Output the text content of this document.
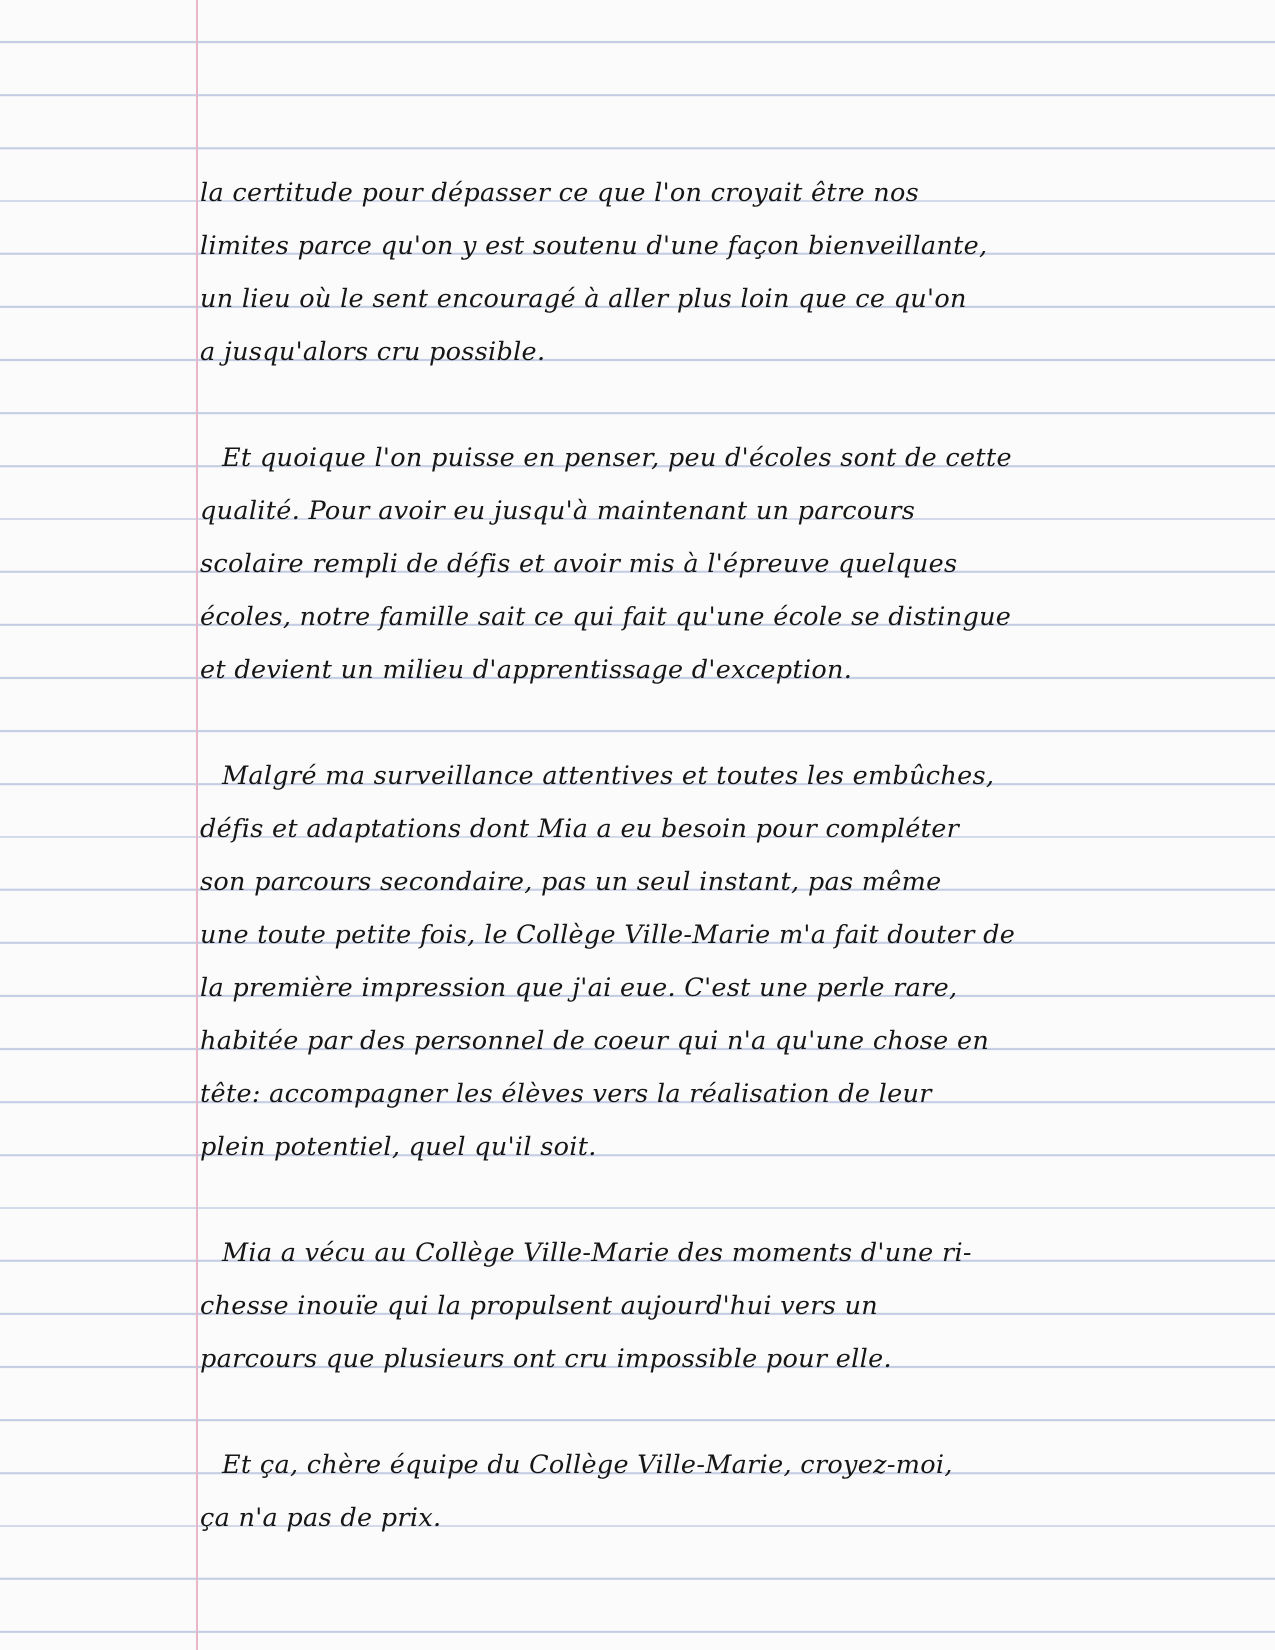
la certitude pour dépasser ce que l'on croyait être nos
limites parce qu'on y est soutenu d'une façon bienveillante,
un lieu où le sent encouragé à aller plus loin que ce qu'on
a jusqu'alors cru possible.

Et quoique l'on puisse en penser, peu d'écoles sont de cette
qualité. Pour avoir eu jusqu'à maintenant un parcours
scolaire rempli de défis et avoir mis à l'épreuve quelques
écoles, notre famille sait ce qui fait qu'une école se distingue
et devient un milieu d'apprentissage d'exception.

Malgré ma surveillance attentives et toutes les embûches,
défis et adaptations dont Mia a eu besoin pour compléter
son parcours secondaire, pas un seul instant, pas même
une toute petite fois, le Collège Ville-Marie m'a fait douter de
la première impression que j'ai eue. C'est une perle rare,
habitée par des personnel de coeur qui n'a qu'une chose en
tête: accompagner les élèves vers la réalisation de leur
plein potentiel, quel qu'il soit.

Mia a vécu au Collège Ville-Marie des moments d'une ri-
chesse inouïe qui la propulsent aujourd'hui vers un
parcours que plusieurs ont cru impossible pour elle.

Et ça, chère équipe du Collège Ville-Marie, croyez-moi,
ça n'a pas de prix.
